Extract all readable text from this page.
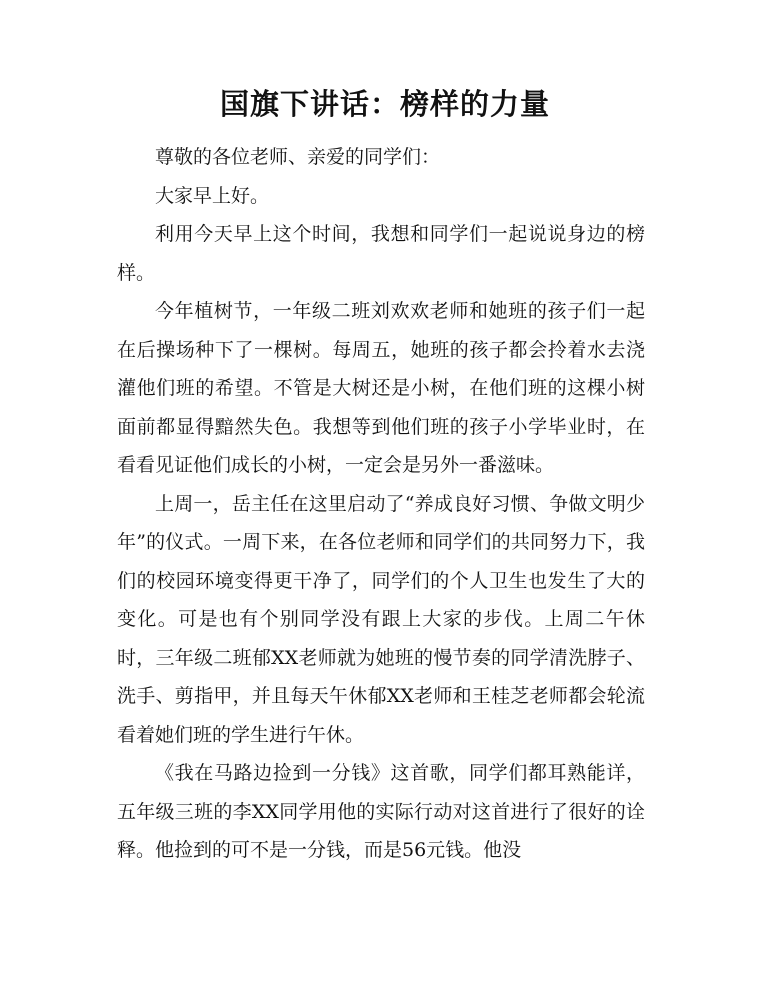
国旗下讲话：榜样的力量

尊敬的各位老师、亲爱的同学们：

大家早上好。

利用今天早上这个时间，我想和同学们一起说说身边的榜样。

今年植树节，一年级二班刘欢欢老师和她班的孩子们一起在后操场种下了一棵树。每周五，她班的孩子都会拎着水去浇灌他们班的希望。不管是大树还是小树，在他们班的这棵小树面前都显得黯然失色。我想等到他们班的孩子小学毕业时，在看看见证他们成长的小树，一定会是另外一番滋味。

上周一，岳主任在这里启动了“养成良好习惯、争做文明少年”的仪式。一周下来，在各位老师和同学们的共同努力下，我们的校园环境变得更干净了，同学们的个人卫生也发生了大的变化。可是也有个别同学没有跟上大家的步伐。上周二午休时，三年级二班郁XX老师就为她班的慢节奏的同学清洗脖子、洗手、剪指甲，并且每天午休郁XX老师和王桂芝老师都会轮流看着她们班的学生进行午休。

《我在马路边捡到一分钱》这首歌，同学们都耳熟能详，五年级三班的李XX同学用他的实际行动对这首进行了很好的诠释。他捡到的可不是一分钱，而是56元钱。他没
